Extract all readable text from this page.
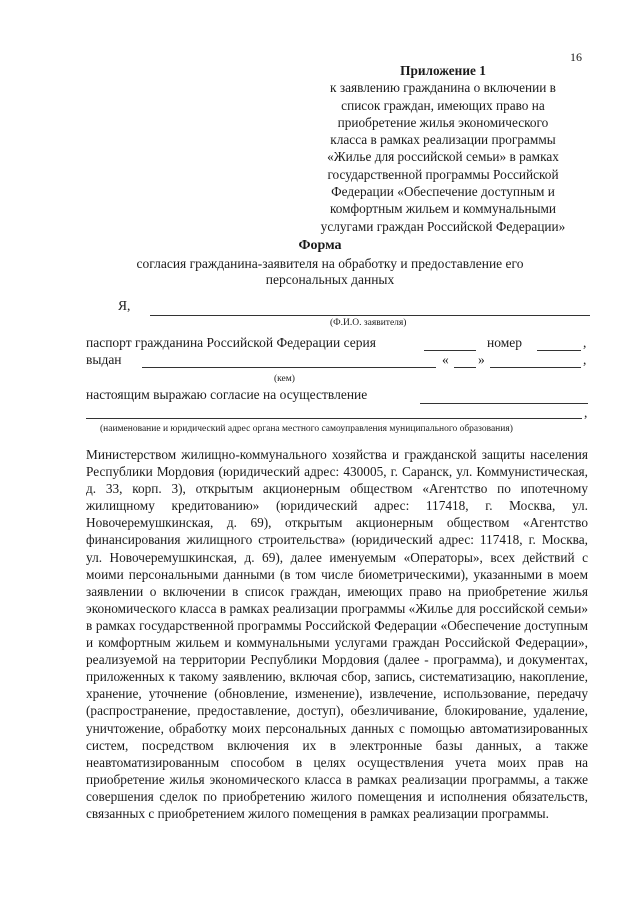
16
Приложение 1
к заявлению гражданина о включении в
список граждан, имеющих право на
приобретение жилья экономического
класса в рамках реализации программы
«Жилье для российской семьи» в рамках
государственной программы Российской
Федерации «Обеспечение доступным и
комфортным жильем и коммунальными
услугами граждан Российской Федерации»
Форма
согласия гражданина-заявителя на обработку и предоставление его персональных данных
Я,
(Ф.И.О. заявителя)
паспорт гражданина Российской Федерации серия	номер	,
выдан	« »	,
(кем)
настоящим выражаю согласие на осуществление
,
(наименование и юридический адрес органа местного самоуправления муниципального образования)
Министерством жилищно-коммунального хозяйства и гражданской защиты населения Республики Мордовия (юридический адрес: 430005, г. Саранск, ул. Коммунистическая, д. 33, корп. 3), открытым акционерным обществом «Агентство по ипотечному жилищному кредитованию» (юридический адрес: 117418, г. Москва, ул. Новочеремушкинская, д. 69), открытым акционерным обществом «Агентство финансирования жилищного строительства» (юридический адрес: 117418, г. Москва, ул. Новочеремушкинская, д. 69), далее именуемым «Операторы», всех действий с моими персональными данными (в том числе биометрическими), указанными в моем заявлении о включении в список граждан, имеющих право на приобретение жилья экономического класса в рамках реализации программы «Жилье для российской семьи» в рамках государственной программы Российской Федерации «Обеспечение доступным и комфортным жильем и коммунальными услугами граждан Российской Федерации», реализуемой на территории Республики Мордовия (далее - программа), и документах, приложенных к такому заявлению, включая сбор, запись, систематизацию, накопление, хранение, уточнение (обновление, изменение), извлечение, использование, передачу (распространение, предоставление, доступ), обезличивание, блокирование, удаление, уничтожение, обработку моих персональных данных с помощью автоматизированных систем, посредством включения их в электронные базы данных, а также неавтоматизированным способом в целях осуществления учета моих прав на приобретение жилья экономического класса в рамках реализации программы, а также совершения сделок по приобретению жилого помещения и исполнения обязательств, связанных с приобретением жилого помещения в рамках реализации программы.
